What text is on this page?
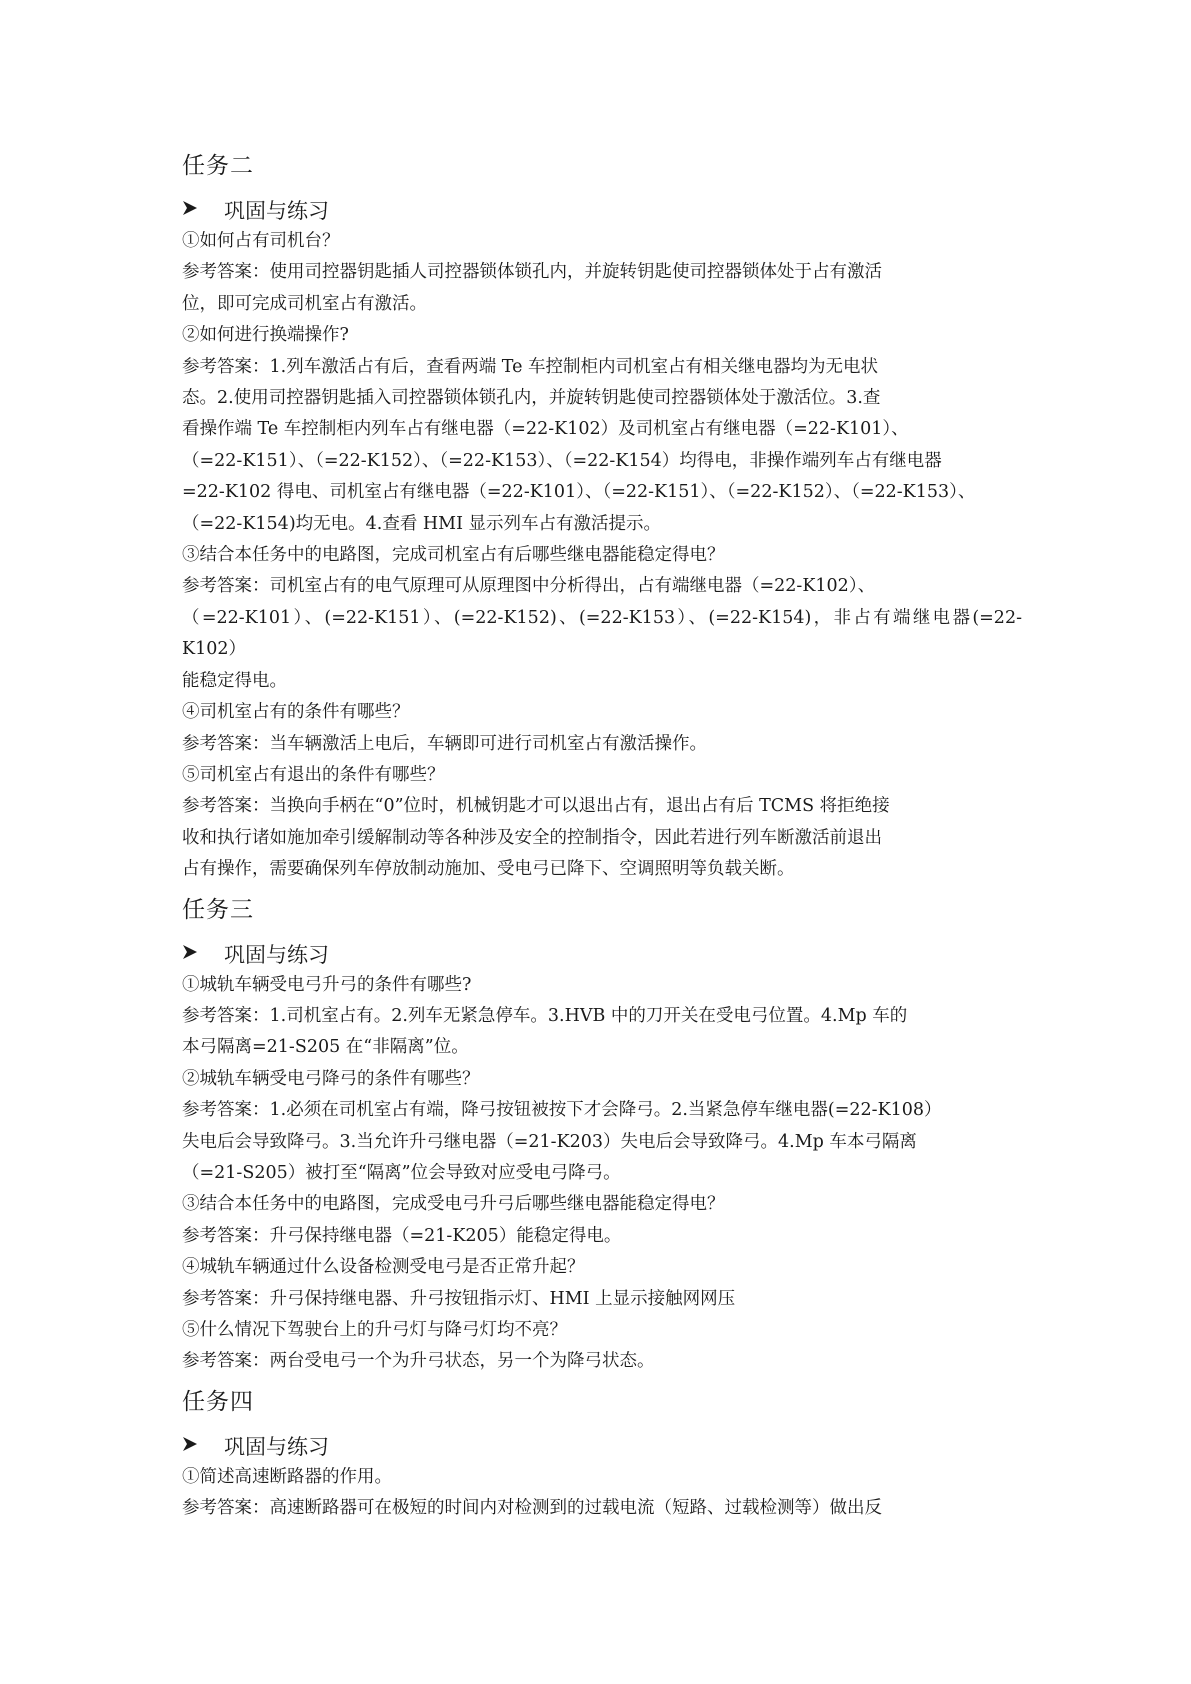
任务二
巩固与练习
①如何占有司机台？
参考答案：使用司控器钥匙插人司控器锁体锁孔内，并旋转钥匙使司控器锁体处于占有激活
位，即可完成司机室占有激活。
②如何进行换端操作?
参考答案：1.列车激活占有后，查看两端 Te 车控制柜内司机室占有相关继电器均为无电状
态。2.使用司控器钥匙插入司控器锁体锁孔内，并旋转钥匙使司控器锁体处于激活位。3.查
看操作端 Te 车控制柜内列车占有继电器（=22-K102）及司机室占有继电器（=22-K101）、
（=22-K151）、（=22-K152）、（=22-K153）、（=22-K154）均得电，非操作端列车占有继电器
=22-K102 得电、司机室占有继电器（=22-K101）、（=22-K151）、（=22-K152）、（=22-K153）、
（=22-K154)均无电。4.查看 HMI 显示列车占有激活提示。
③结合本任务中的电路图，完成司机室占有后哪些继电器能稳定得电？
参考答案：司机室占有的电气原理可从原理图中分析得出，占有端继电器（=22-K102）、
（=22-K101）、(=22-K151）、(=22-K152)、(=22-K153）、(=22-K154)，非占有端继电器(=22-K102）
能稳定得电。
④司机室占有的条件有哪些？
参考答案：当车辆激活上电后，车辆即可进行司机室占有激活操作。
⑤司机室占有退出的条件有哪些？
参考答案：当换向手柄在“0”位时，机械钥匙才可以退出占有，退出占有后 TCMS 将拒绝接
收和执行诸如施加牵引缓解制动等各种涉及安全的控制指令，因此若进行列车断激活前退出
占有操作，需要确保列车停放制动施加、受电弓已降下、空调照明等负载关断。
任务三
巩固与练习
①城轨车辆受电弓升弓的条件有哪些?
参考答案：1.司机室占有。2.列车无紧急停车。3.HVB 中的刀开关在受电弓位置。4.Mp 车的
本弓隔离=21-S205 在“非隔离”位。
②城轨车辆受电弓降弓的条件有哪些？
参考答案：1.必须在司机室占有端，降弓按钮被按下才会降弓。2.当紧急停车继电器(=22-K108）
失电后会导致降弓。3.当允许升弓继电器（=21-K203）失电后会导致降弓。4.Mp 车本弓隔离
（=21-S205）被打至“隔离”位会导致对应受电弓降弓。
③结合本任务中的电路图，完成受电弓升弓后哪些继电器能稳定得电？
参考答案：升弓保持继电器（=21-K205）能稳定得电。
④城轨车辆通过什么设备检测受电弓是否正常升起？
参考答案：升弓保持继电器、升弓按钮指示灯、HMI 上显示接触网网压
⑤什么情况下驾驶台上的升弓灯与降弓灯均不亮？
参考答案：两台受电弓一个为升弓状态，另一个为降弓状态。
任务四
巩固与练习
①简述高速断路器的作用。
参考答案：高速断路器可在极短的时间内对检测到的过载电流（短路、过载检测等）做出反
